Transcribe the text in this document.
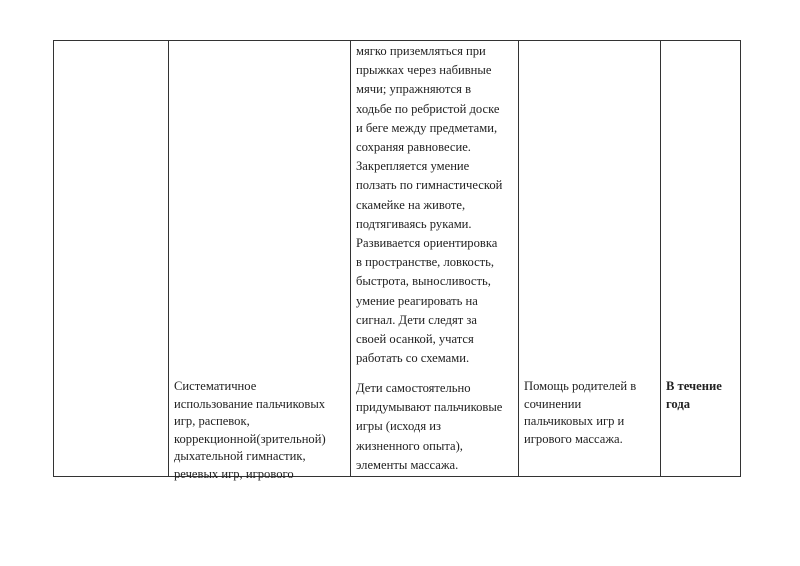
мягко приземляться при
прыжках через набивные
мячи; упражняются в
ходьбе по ребристой доске
и беге между предметами,
сохраняя равновесие.
Закрепляется умение
ползать по гимнастической
скамейке на животе,
подтягиваясь руками.
Развивается ориентировка
в пространстве, ловкость,
быстрота, выносливость,
умение реагировать на
сигнал. Дети следят за
своей осанкой, учатся
работать со схемами.
Систематичное
использование пальчиковых
игр, распевок,
коррекционной(зрительной)
дыхательной гимнастик,
речевых игр, игрового
Дети самостоятельно
придумывают пальчиковые
игры (исходя из
жизненного опыта),
элементы массажа.
Помощь родителей в
сочинении
пальчиковых игр и
игрового массажа.
В течение
года
